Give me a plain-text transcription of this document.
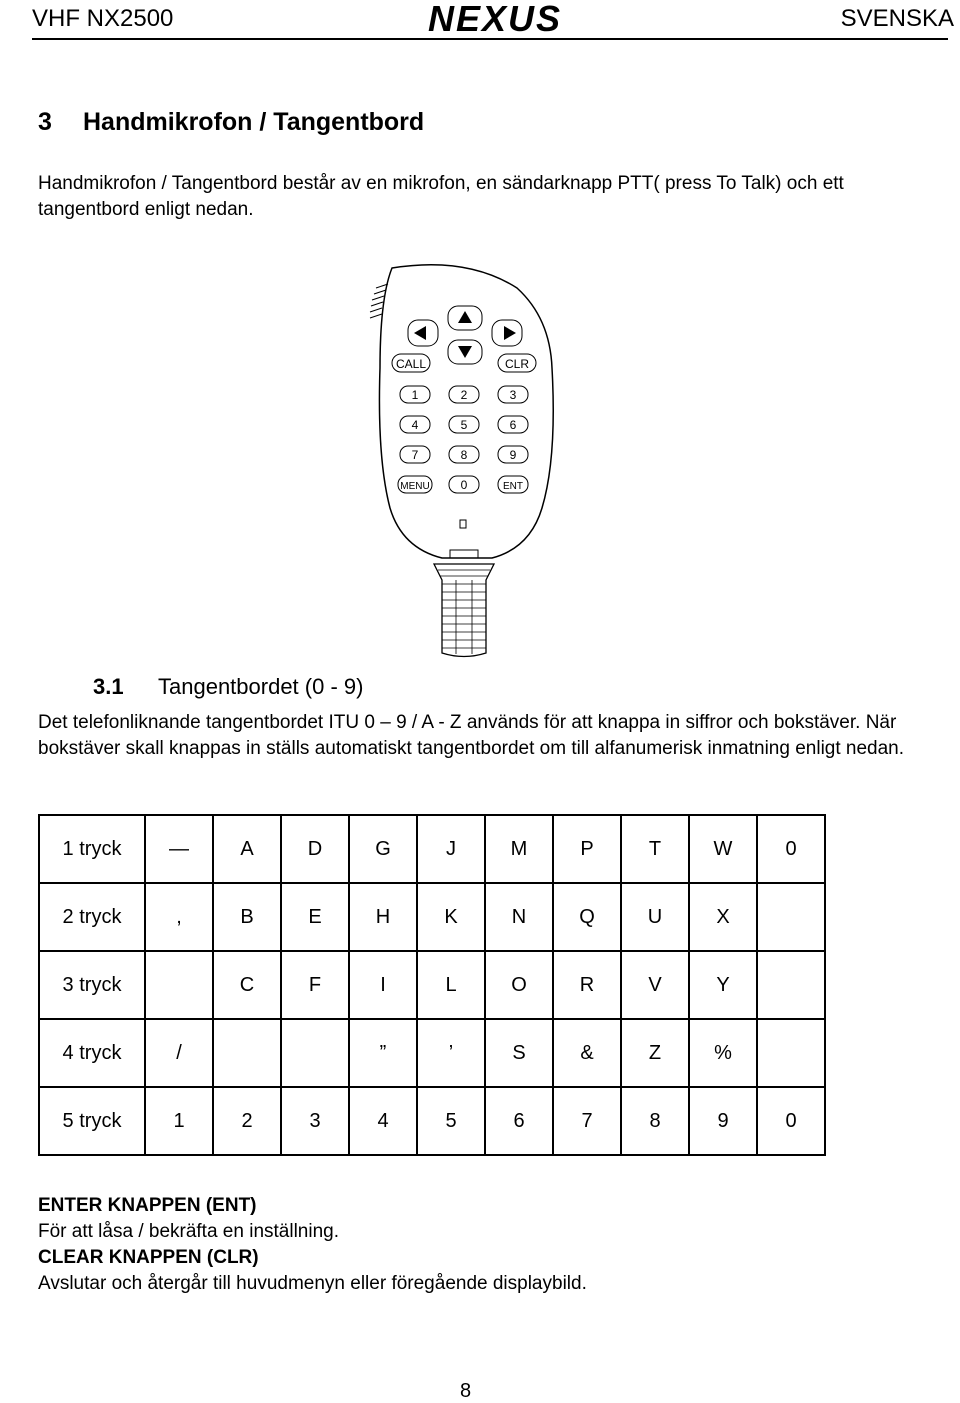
VHF NX2500	NEXUS	SVENSKA
3 Handmikrofon / Tangentbord
Handmikrofon / Tangentbord består av en mikrofon, en sändarknapp PTT( press To Talk) och ett tangentbord enligt nedan.
CALL	CLR
1	2	3
4	5	6
7	8	9
MENU	0	ENT
3.1 Tangentbordet (0 - 9)
Det telefonliknande tangentbordet ITU 0 – 9 / A - Z används för att knappa in siffror och bokstäver. När bokstäver skall knappas in ställs automatiskt tangentbordet om till alfanumerisk inmatning enligt nedan.
1 tryck	—	A	D	G	J	M	P	T	W	0
2 tryck	,	B	E	H	K	N	Q	U	X	
3 tryck		C	F	I	L	O	R	V	Y	
4 tryck	/			”	’	S	&	Z	%	
5 tryck	1	2	3	4	5	6	7	8	9	0
ENTER KNAPPEN (ENT)
För att låsa / bekräfta en inställning.
CLEAR KNAPPEN (CLR)
Avslutar och återgår till huvudmenyn eller föregående displaybild.
8
